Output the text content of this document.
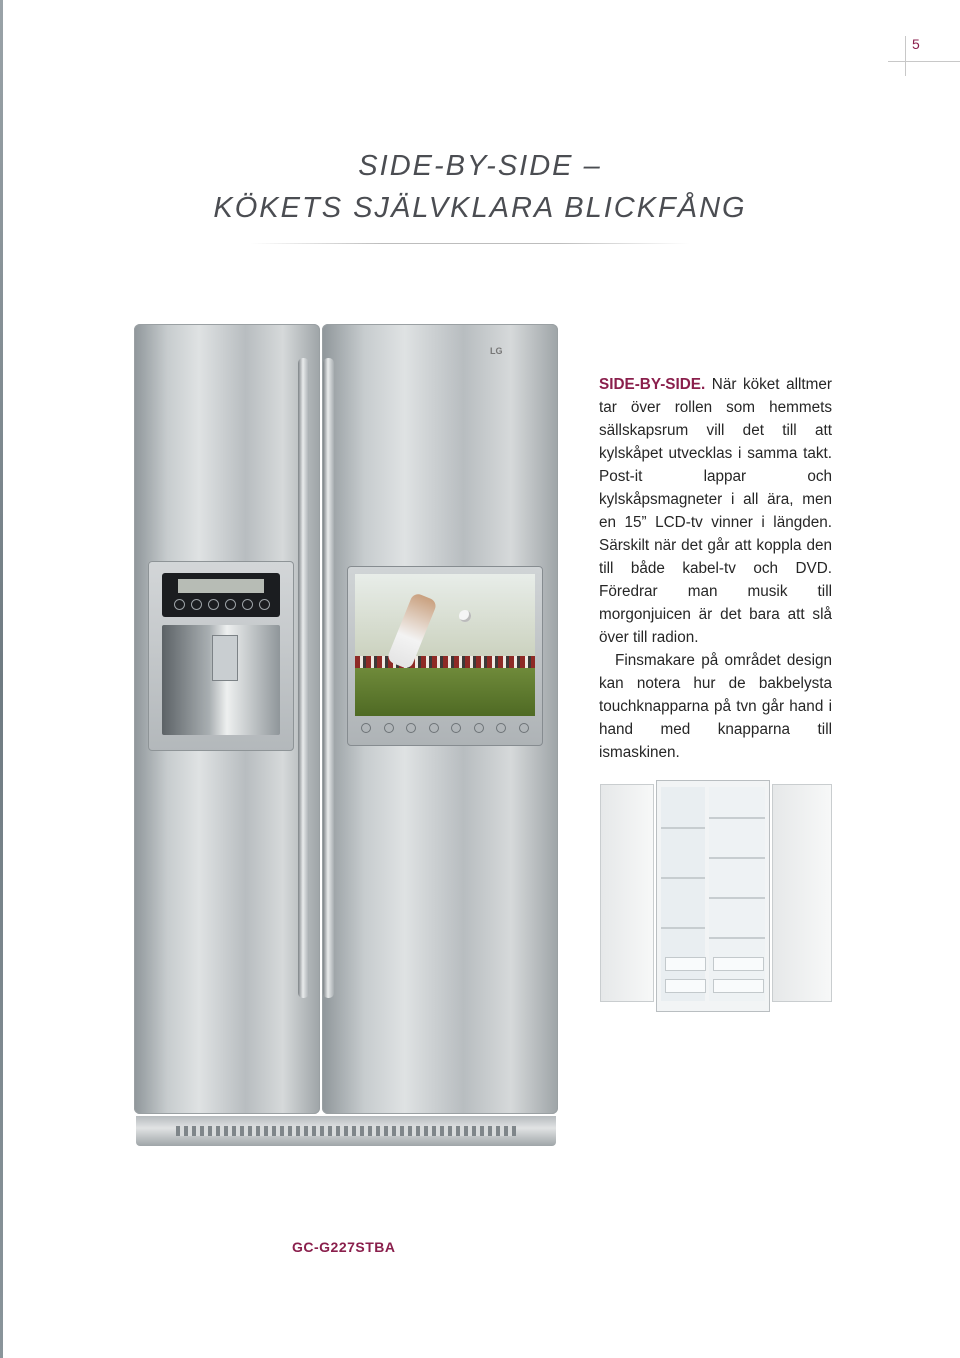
5
SIDE-BY-SIDE –
KÖKETS SJÄLVKLARA BLICKFÅNG
LG

SIDE-BY-SIDE. När köket alltmer tar över rollen som hemmets sällskapsrum vill det till att kylskåpet utvecklas i samma takt. Post-it lappar och kylskåpsmagneter i all ära, men en 15” LCD-tv vinner i längden. Särskilt när det går att koppla den till både kabel-tv och DVD. Föredrar man musik till morgonjuicen är det bara att slå över till radion.

Finsmakare på området design kan notera hur de bakbelysta touchknapparna på tvn går hand i hand med knapparna till ismaskinen.

GC-G227STBA
